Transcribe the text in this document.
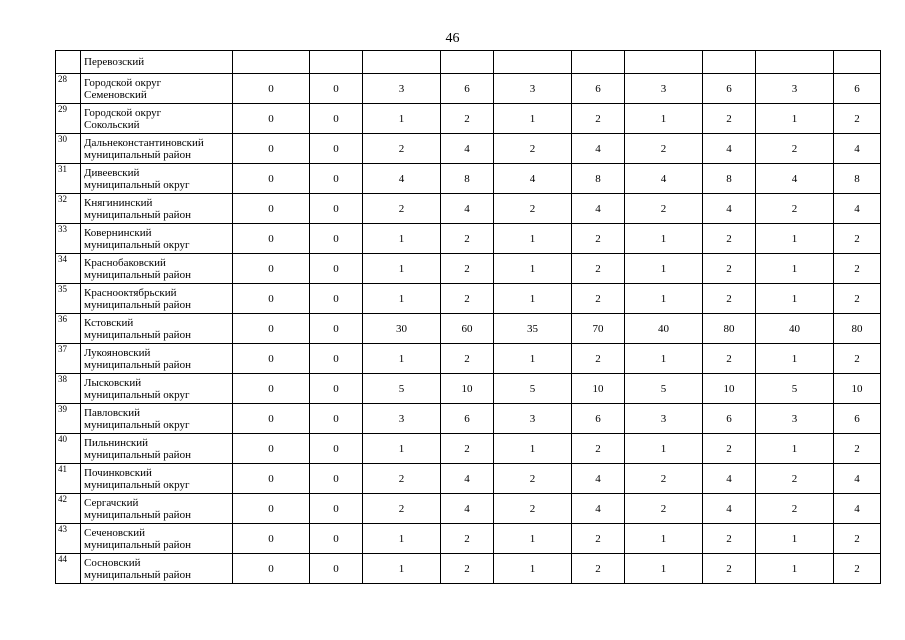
46
	Перевозский										
28	Городской округ
Семеновский	0	0	3	6	3	6	3	6	3	6
29	Городской округ
Сокольский	0	0	1	2	1	2	1	2	1	2
30	Дальнеконстантиновский
муниципальный район	0	0	2	4	2	4	2	4	2	4
31	Дивеевский
муниципальный округ	0	0	4	8	4	8	4	8	4	8
32	Княгининский
муниципальный район	0	0	2	4	2	4	2	4	2	4
33	Ковернинский
муниципальный округ	0	0	1	2	1	2	1	2	1	2
34	Краснобаковский
муниципальный район	0	0	1	2	1	2	1	2	1	2
35	Краснооктябрьский
муниципальный район	0	0	1	2	1	2	1	2	1	2
36	Кстовский
муниципальный район	0	0	30	60	35	70	40	80	40	80
37	Лукояновский
муниципальный район	0	0	1	2	1	2	1	2	1	2
38	Лысковский
муниципальный округ	0	0	5	10	5	10	5	10	5	10
39	Павловский
муниципальный округ	0	0	3	6	3	6	3	6	3	6
40	Пильнинский
муниципальный район	0	0	1	2	1	2	1	2	1	2
41	Починковский
муниципальный округ	0	0	2	4	2	4	2	4	2	4
42	Сергачский
муниципальный район	0	0	2	4	2	4	2	4	2	4
43	Сеченовский
муниципальный район	0	0	1	2	1	2	1	2	1	2
44	Сосновский
муниципальный район	0	0	1	2	1	2	1	2	1	2
